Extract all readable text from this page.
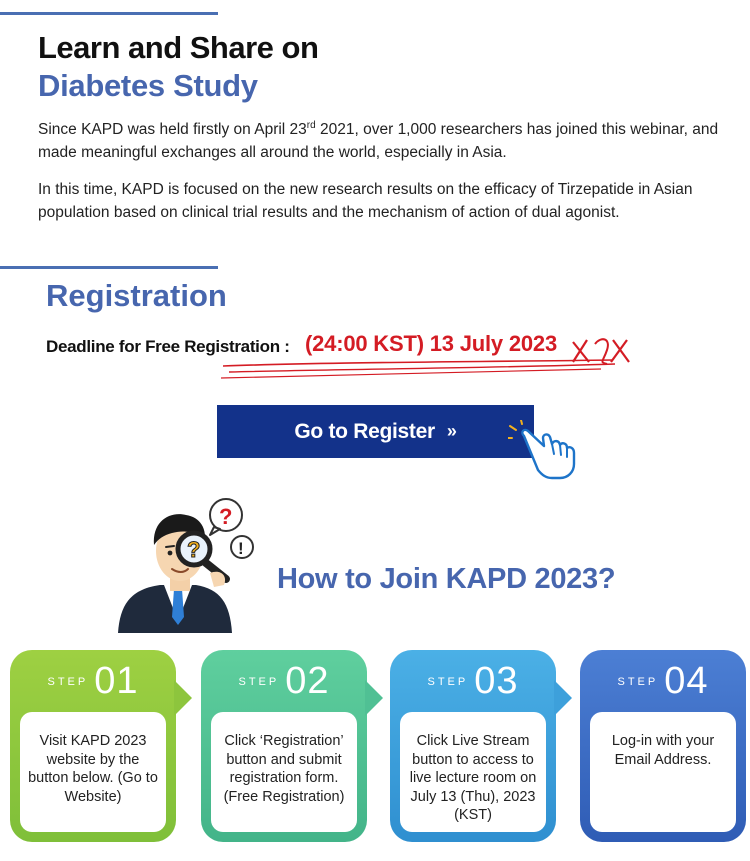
Learn and Share on
Diabetes Study

Since KAPD was held firstly on April 23rd 2021, over 1,000 researchers has joined this webinar, and made meaningful exchanges all around the world, especially in Asia.

In this time, KAPD is focused on the new research results on the efficacy of Tirzepatide in Asian population based on clinical trial results and the mechanism of action of dual agonist.

Registration
Deadline for Free Registration : (24:00 KST) 13 July 2023
Go to Register »
?
?
!
How to Join KAPD 2023?
STEP 01
Visit KAPD 2023 website by the button below. (Go to Website)
STEP 02
Click ‘Registration’ button and submit registration form. (Free Registration)
STEP 03
Click Live Stream button to access to live lecture room on July 13 (Thu), 2023 (KST)
STEP 04
Log-in with your Email Address.
